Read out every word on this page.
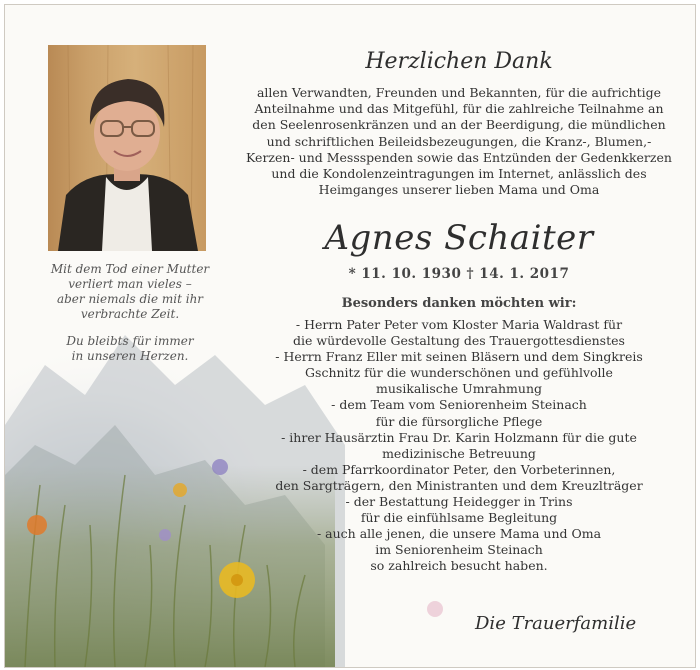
Mit dem Tod einer Mutter
verliert man vieles –
aber niemals die mit ihr
verbrachte Zeit.
Du bleibts für immer
in unseren Herzen.
Herzlichen Dank
allen Verwandten, Freunden und Bekannten, für die aufrichtige
Anteilnahme und das Mitgefühl, für die zahlreiche Teilnahme an
den Seelenrosenkränzen und an der Beerdigung, die mündlichen
und schriftlichen Beileidsbezeugungen, die Kranz-, Blumen,-
Kerzen- und Messspenden sowie das Entzünden der Gedenkkerzen
und die Kondolenzeintragungen im Internet, anlässlich des
Heimganges unserer lieben Mama und Oma
Agnes Schaiter
* 11. 10. 1930 † 14. 1. 2017
Besonders danken möchten wir:
- Herrn Pater Peter vom Kloster Maria Waldrast für
die würdevolle Gestaltung des Trauergottesdienstes
- Herrn Franz Eller mit seinen Bläsern und dem Singkreis
Gschnitz für die wunderschönen und gefühlvolle
musikalische Umrahmung
- dem Team vom Seniorenheim Steinach
für die fürsorgliche Pflege
- ihrer Hausärztin Frau Dr. Karin Holzmann für die gute
medizinische Betreuung
- dem Pfarrkoordinator Peter, den Vorbeterinnen,
den Sargträgern, den Ministranten und dem Kreuzlträger
- der Bestattung Heidegger in Trins
für die einfühlsame Begleitung
- auch alle jenen, die unsere Mama und Oma
im Seniorenheim Steinach
so zahlreich besucht haben.
Die Trauerfamilie
